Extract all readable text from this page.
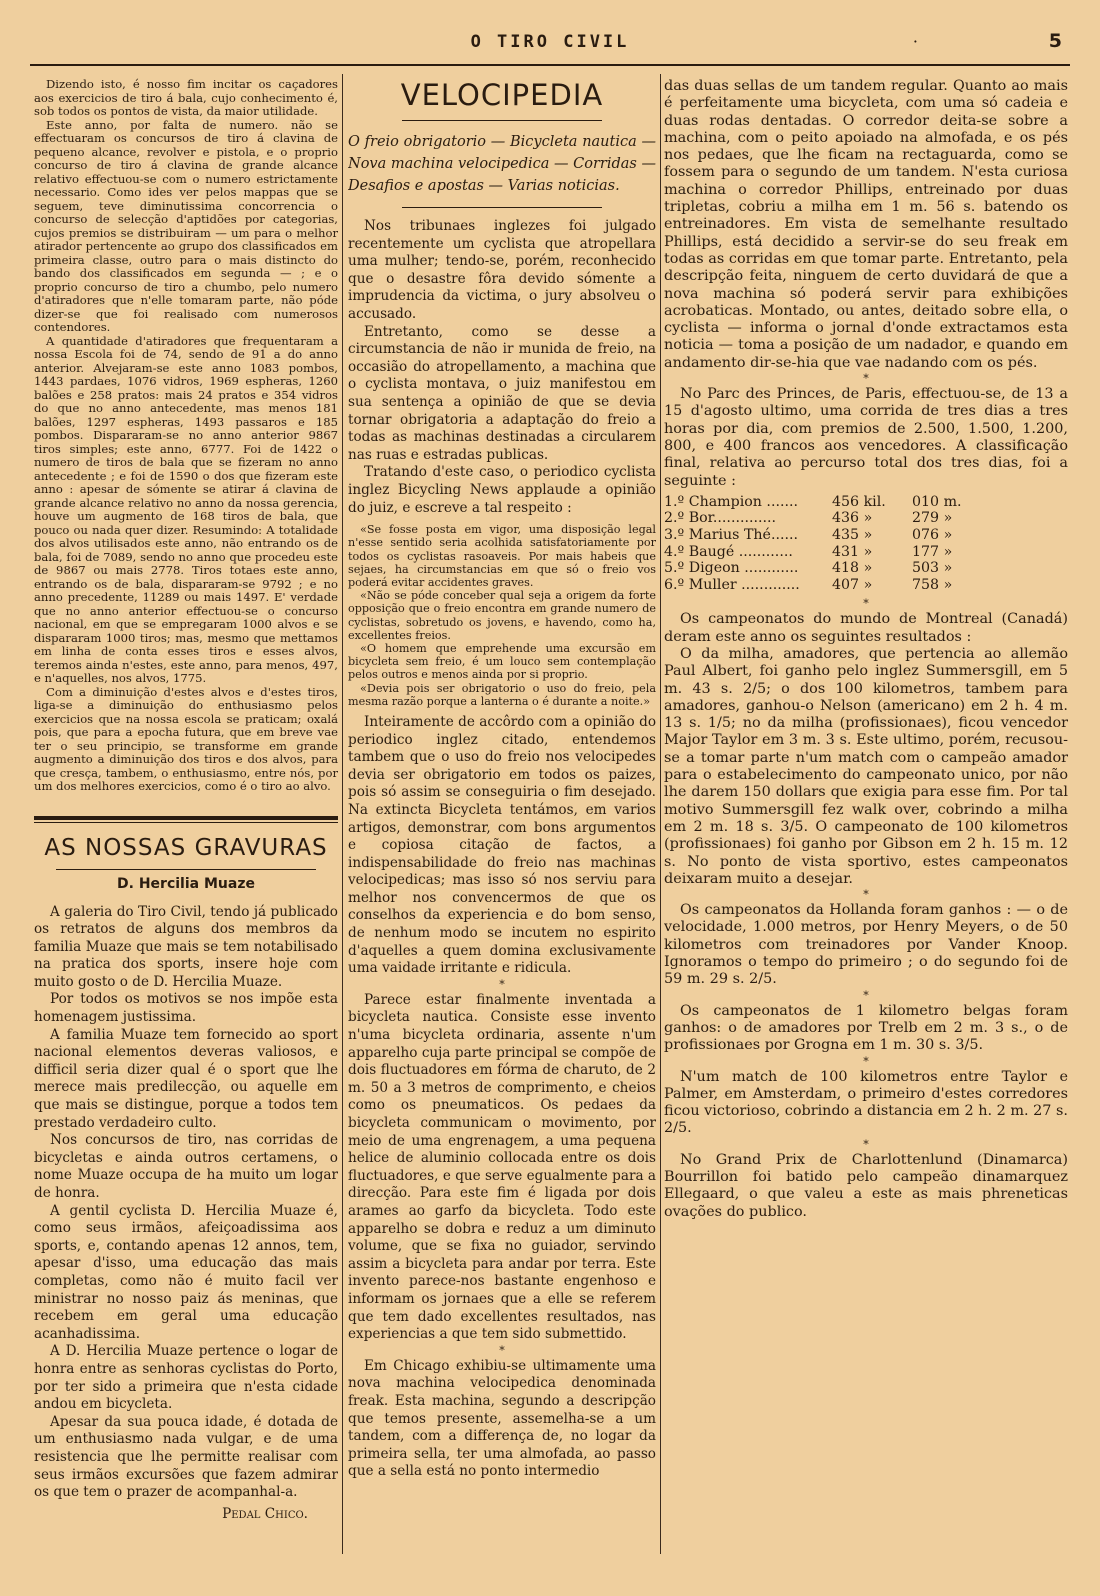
O TIRO CIVIL	·	5

Dizendo isto, é nosso fim incitar os caçadores aos exercicios de tiro á bala, cujo conhecimento é, sob todos os pontos de vista, da maior utilidade.

Este anno, por falta de numero. não se effectuaram os concursos de tiro á clavina de pequeno alcance, revolver e pistola, e o proprio concurso de tiro á clavina de grande alcance relativo effectuou-se com o numero estrictamente necessario. Como ides ver pelos mappas que se seguem, teve diminutissima concorrencia o concurso de selecção d'aptidões por categorias, cujos premios se distribuiram — um para o melhor atirador pertencente ao grupo dos classificados em primeira classe, outro para o mais distincto do bando dos classificados em segunda — ; e o proprio concurso de tiro a chumbo, pelo numero d'atiradores que n'elle tomaram parte, não póde dizer-se que foi realisado com numerosos contendores.

A quantidade d'atiradores que frequentaram a nossa Escola foi de 74, sendo de 91 a do anno anterior. Alvejaram-se este anno 1083 pombos, 1443 pardaes, 1076 vidros, 1969 espheras, 1260 balões e 258 pratos: mais 24 pratos e 354 vidros do que no anno antecedente, mas menos 181 balões, 1297 espheras, 1493 passaros e 185 pombos. Dispararam-se no anno anterior 9867 tiros simples; este anno, 6777. Foi de 1422 o numero de tiros de bala que se fizeram no anno antecedente ; e foi de 1590 o dos que fizeram este anno : apesar de sómente se atirar á clavina de grande alcance relativo no anno da nossa gerencia, houve um augmento de 168 tiros de bala, que pouco ou nada quer dizer. Resumindo: A totalidade dos alvos utilisados este anno, não entrando os de bala, foi de 7089, sendo no anno que procedeu este de 9867 ou mais 2778. Tiros totaes este anno, entrando os de bala, dispararam-se 9792 ; e no anno precedente, 11289 ou mais 1497. E' verdade que no anno anterior effectuou-se o concurso nacional, em que se empregaram 1000 alvos e se dispararam 1000 tiros; mas, mesmo que mettamos em linha de conta esses tiros e esses alvos, teremos ainda n'estes, este anno, para menos, 497, e n'aquelles, nos alvos, 1775.

Com a diminuição d'estes alvos e d'estes tiros, liga-se a diminuição do enthusiasmo pelos exercicios que na nossa escola se praticam; oxalá pois, que para a epocha futura, que em breve vae ter o seu principio, se transforme em grande augmento a diminuição dos tiros e dos alvos, para que cresça, tambem, o enthusiasmo, entre nós, por um dos melhores exercicios, como é o tiro ao alvo.

AS NOSSAS GRAVURAS
D. Hercilia Muaze

A galeria do Tiro Civil, tendo já publicado os retratos de alguns dos membros da familia Muaze que mais se tem notabilisado na pratica dos sports, insere hoje com muito gosto o de D. Hercilia Muaze.

Por todos os motivos se nos impõe esta homenagem justissima.

A familia Muaze tem fornecido ao sport nacional elementos deveras valiosos, e difficil seria dizer qual é o sport que lhe merece mais predilecção, ou aquelle em que mais se distingue, porque a todos tem prestado verdadeiro culto.

Nos concursos de tiro, nas corridas de bicycletas e ainda outros certamens, o nome Muaze occupa de ha muito um logar de honra.

A gentil cyclista D. Hercilia Muaze é, como seus irmãos, afeiçoadissima aos sports, e, contando apenas 12 annos, tem, apesar d'isso, uma educação das mais completas, como não é muito facil ver ministrar no nosso paiz ás meninas, que recebem em geral uma educação acanhadissima.

A D. Hercilia Muaze pertence o logar de honra entre as senhoras cyclistas do Porto, por ter sido a primeira que n'esta cidade andou em bicycleta.

Apesar da sua pouca idade, é dotada de um enthusiasmo nada vulgar, e de uma resistencia que lhe permitte realisar com seus irmãos excursões que fazem admirar os que tem o prazer de acompanhal-a.

Pedal Chico.
VELOCIPEDIA
O freio obrigatorio — Bicycleta nautica — Nova machina velocipedica — Corridas — Desafios e apostas — Varias noticias.

Nos tribunaes inglezes foi julgado recentemente um cyclista que atropellara uma mulher; tendo-se, porém, reconhecido que o desastre fôra devido sómente a imprudencia da victima, o jury absolveu o accusado.

Entretanto, como se desse a circumstancia de não ir munida de freio, na occasião do atropellamento, a machina que o cyclista montava, o juiz manifestou em sua sentença a opinião de que se devia tornar obrigatoria a adaptação do freio a todas as machinas destinadas a circularem nas ruas e estradas publicas.

Tratando d'este caso, o periodico cyclista inglez Bicycling News applaude a opinião do juiz, e escreve a tal respeito :

«Se fosse posta em vigor, uma disposição legal n'esse sentido seria acolhida satisfatoriamente por todos os cyclistas rasoaveis. Por mais habeis que sejaes, ha circumstancias em que só o freio vos poderá evitar accidentes graves.

«Não se póde conceber qual seja a origem da forte opposição que o freio encontra em grande numero de cyclistas, sobretudo os jovens, e havendo, como ha, excellentes freios.

«O homem que emprehende uma excursão em bicycleta sem freio, é um louco sem contemplação pelos outros e menos ainda por si proprio.

«Devia pois ser obrigatorio o uso do freio, pela mesma razão porque a lanterna o é durante a noite.»

Inteiramente de accôrdo com a opinião do periodico inglez citado, entendemos tambem que o uso do freio nos velocipedes devia ser obrigatorio em todos os paizes, pois só assim se conseguiria o fim desejado. Na extincta Bicycleta tentámos, em varios artigos, demonstrar, com bons argumentos e copiosa citação de factos, a indispensabilidade do freio nas machinas velocipedicas; mas isso só nos serviu para melhor nos convencermos de que os conselhos da experiencia e do bom senso, de nenhum modo se incutem no espirito d'aquelles a quem domina exclusivamente uma vaidade irritante e ridicula.

*

Parece estar finalmente inventada a bicycleta nautica. Consiste esse invento n'uma bicycleta ordinaria, assente n'um apparelho cuja parte principal se compõe de dois fluctuadores em fórma de charuto, de 2 m. 50 a 3 metros de comprimento, e cheios como os pneumaticos. Os pedaes da bicycleta communicam o movimento, por meio de uma engrenagem, a uma pequena helice de aluminio collocada entre os dois fluctuadores, e que serve egualmente para a direcção. Para este fim é ligada por dois arames ao garfo da bicycleta. Todo este apparelho se dobra e reduz a um diminuto volume, que se fixa no guiador, servindo assim a bicycleta para andar por terra. Este invento parece-nos bastante engenhoso e informam os jornaes que a elle se referem que tem dado excellentes resultados, nas experiencias a que tem sido submettido.

*

Em Chicago exhibiu-se ultimamente uma nova machina velocipedica denominada freak. Esta machina, segundo a descripção que temos presente, assemelha-se a um tandem, com a differença de, no logar da primeira sella, ter uma almofada, ao passo que a sella está no ponto intermedio

das duas sellas de um tandem regular. Quanto ao mais é perfeitamente uma bicycleta, com uma só cadeia e duas rodas dentadas. O corredor deita-se sobre a machina, com o peito apoiado na almofada, e os pés nos pedaes, que lhe ficam na rectaguarda, como se fossem para o segundo de um tandem. N'esta curiosa machina o corredor Phillips, entreinado por duas tripletas, cobriu a milha em 1 m. 56 s. batendo os entreinadores. Em vista de semelhante resultado Phillips, está decidido a servir-se do seu freak em todas as corridas em que tomar parte. Entretanto, pela descripção feita, ninguem de certo duvidará de que a nova machina só poderá servir para exhibições acrobaticas. Montado, ou antes, deitado sobre ella, o cyclista — informa o jornal d'onde extractamos esta noticia — toma a posição de um nadador, e quando em andamento dir-se-hia que vae nadando com os pés.

*

No Parc des Princes, de Paris, effectuou-se, de 13 a 15 d'agosto ultimo, uma corrida de tres dias a tres horas por dia, com premios de 2.500, 1.500, 1.200, 800, e 400 francos aos vencedores. A classificação final, relativa ao percurso total dos tres dias, foi a seguinte :

1.º Champion .......	456 kil.	010 m.
2.º Bor..............	436 »	279 »
3.º Marius Thé......	435 »	076 »
4.º Baugé ............	431 »	177 »
5.º Digeon ............	418 »	503 »
6.º Muller .............	407 »	758 »
*

Os campeonatos do mundo de Montreal (Canadá) deram este anno os seguintes resultados :

O da milha, amadores, que pertencia ao allemão Paul Albert, foi ganho pelo inglez Summersgill, em 5 m. 43 s. 2/5; o dos 100 kilometros, tambem para amadores, ganhou-o Nelson (americano) em 2 h. 4 m. 13 s. 1/5; no da milha (profissionaes), ficou vencedor Major Taylor em 3 m. 3 s. Este ultimo, porém, recusou-se a tomar parte n'um match com o campeão amador para o estabelecimento do campeonato unico, por não lhe darem 150 dollars que exigia para esse fim. Por tal motivo Summersgill fez walk over, cobrindo a milha em 2 m. 18 s. 3/5. O campeonato de 100 kilometros (profissionaes) foi ganho por Gibson em 2 h. 15 m. 12 s. No ponto de vista sportivo, estes campeonatos deixaram muito a desejar.

*

Os campeonatos da Hollanda foram ganhos : — o de velocidade, 1.000 metros, por Henry Meyers, o de 50 kilometros com treinadores por Vander Knoop. Ignoramos o tempo do primeiro ; o do segundo foi de 59 m. 29 s. 2/5.

*

Os campeonatos de 1 kilometro belgas foram ganhos: o de amadores por Trelb em 2 m. 3 s., o de profissionaes por Grogna em 1 m. 30 s. 3/5.

*

N'um match de 100 kilometros entre Taylor e Palmer, em Amsterdam, o primeiro d'estes corredores ficou victorioso, cobrindo a distancia em 2 h. 2 m. 27 s. 2/5.

*

No Grand Prix de Charlottenlund (Dinamarca) Bourrillon foi batido pelo campeão dinamarquez Ellegaard, o que valeu a este as mais phreneticas ovações do publico.
